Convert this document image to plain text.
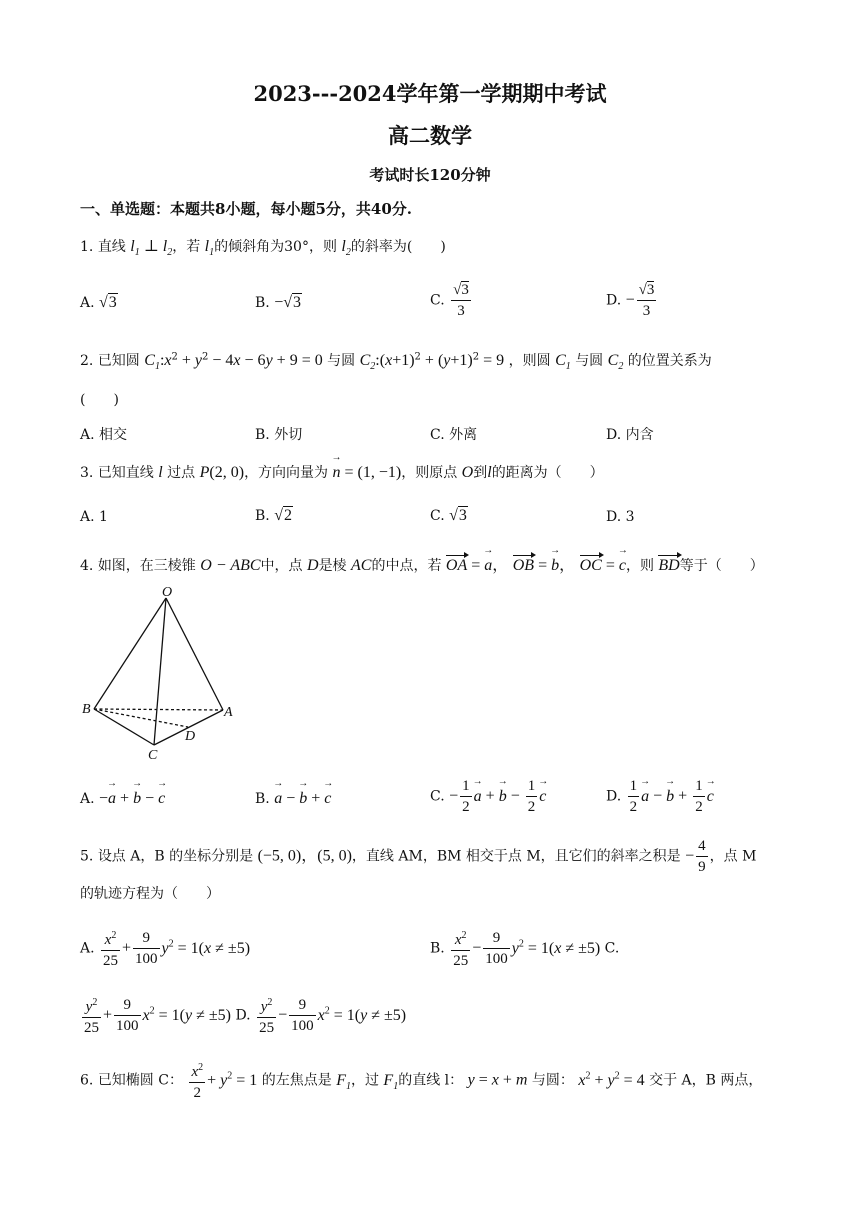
2023---2024学年第一学期期中考试
高二数学
考试时长120分钟
一、单选题：本题共8小题，每小题5分，共40分.
1. 直线 $l_1$ ⊥ $l_2$，若 $l_1$的倾斜角为30°，则 $l_2$的斜率为(　　)
A. √3	B. −√3	C. $\frac{√3}{3}$	D. − $\frac{√3}{3}$
2. 已知圆 $C_1:x^2 + y^2 - 4x - 6y + 9 = 0$ 与圆 $C_2:(x+1)^2 + (y+1)^2 = 9$ ，则圆 $C_1$ 与圆 $C_2$ 的位置关系为
(　　)
A. 相交	B. 外切	C. 外离	D. 内含
3. 已知直线 l 过点 P(2, 0)，方向向量为 → n = (1, −1)，则原点 O到l的距离为（　　）
A. 1	B. √2	C. √3	D. 3
4. 如图，在三棱锥 O − ABC中，点 D是棱 AC的中点，若 OA = → a， OB = → b， OC = → c，则 BD等于（　　）
O
B	A
C
D
A. −→ a + → b − → c	B. → a − → b + → c	C. − $\frac{1}{2}$
→ a + → $b - \frac{1}{2}$
→ c	D. $\frac{1}{2}$
→ a − → $b + \frac{1}{2}$
→ c
5. 设点 A，B 的坐标分别是 (−5, 0)，(5, 0)，直线 AM，BM 相交于点 M，且它们的斜率之积是 − $\frac{4}{9}$ ，点 M
的轨迹方程为（　　）
A. $\frac{x^2}{25} + \frac{9}{100} y^2 = 1(x \ne \pm 5)$	B. $\frac{x^2}{25} - \frac{9}{100} y^2 = 1(x \ne \pm 5)$ C.
$\frac{y^2}{25} + \frac{9}{100} x^2 = 1(y \ne \pm 5)$ D. $\frac{y^2}{25} - \frac{9}{100} x^2 = 1(y \ne \pm 5)$
6. 已知椭圆 C： $\frac{x^2}{2} + y^2 = 1$ 的左焦点是 $F_1$，过 $F_1$的直线 l： y = x + m 与圆： $x^2 + y^2 = 4$ 交于 A，B 两点，
